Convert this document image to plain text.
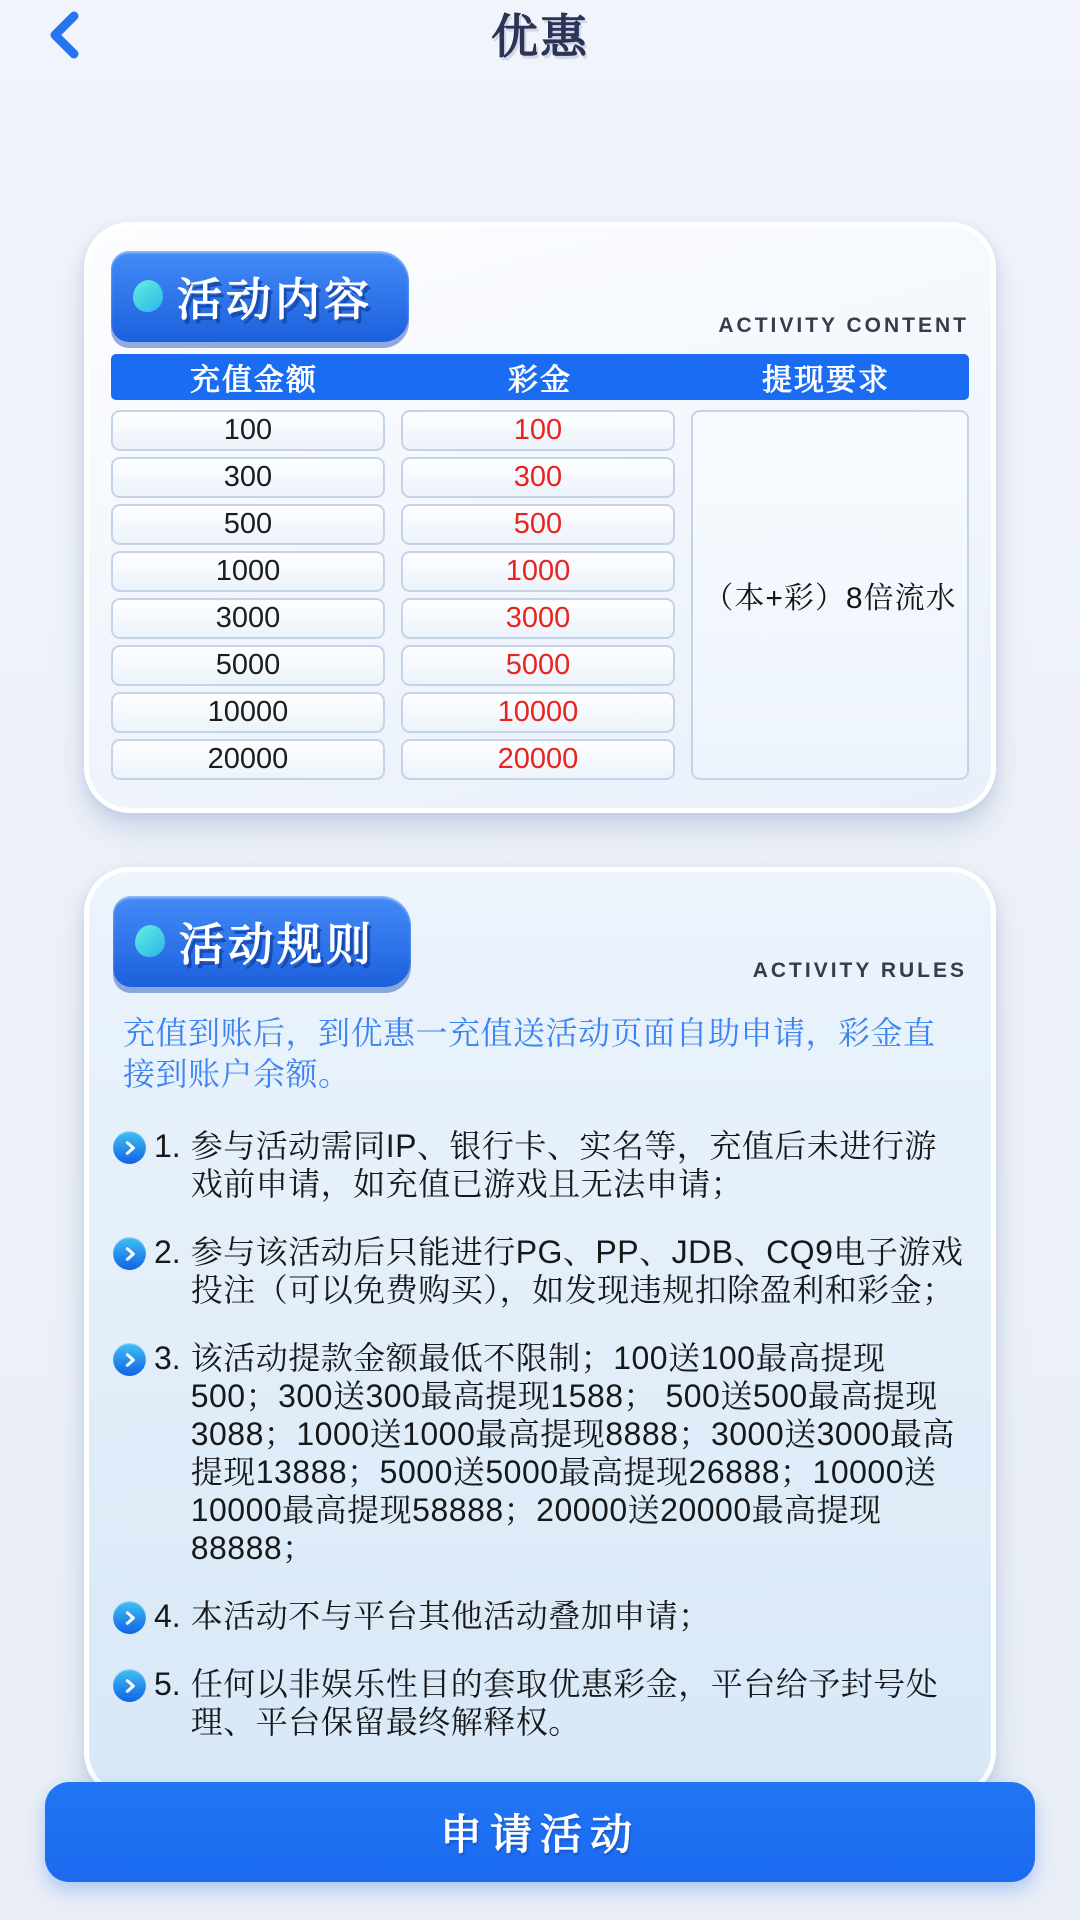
优惠
活动内容
ACTIVITY CONTENT
充值金额	彩金	提现要求
100
300
500
1000
3000
5000
10000
20000
100
300
500
1000
3000
5000
10000
20000
（本+彩）8倍流水
活动规则
ACTIVITY RULES

充值到账后，到优惠一充值送活动页面自助申请，彩金直接到账户余额。

1. 参与活动需同IP、银行卡、实名等，充值后未进行游戏前申请，如充值已游戏且无法申请；
2. 参与该活动后只能进行PG、PP、JDB、CQ9电子游戏投注（可以免费购买），如发现违规扣除盈利和彩金；
3. 该活动提款金额最低不限制；100送100最高提现500；300送300最高提现1588； 500送500最高提现3088；1000送1000最高提现8888；3000送3000最高提现13888；5000送5000最高提现26888；10000送10000最高提现58888；20000送20000最高提现88888；
4. 本活动不与平台其他活动叠加申请；
5. 任何以非娱乐性目的套取优惠彩金，平台给予封号处理、平台保留最终解释权。
申请活动
